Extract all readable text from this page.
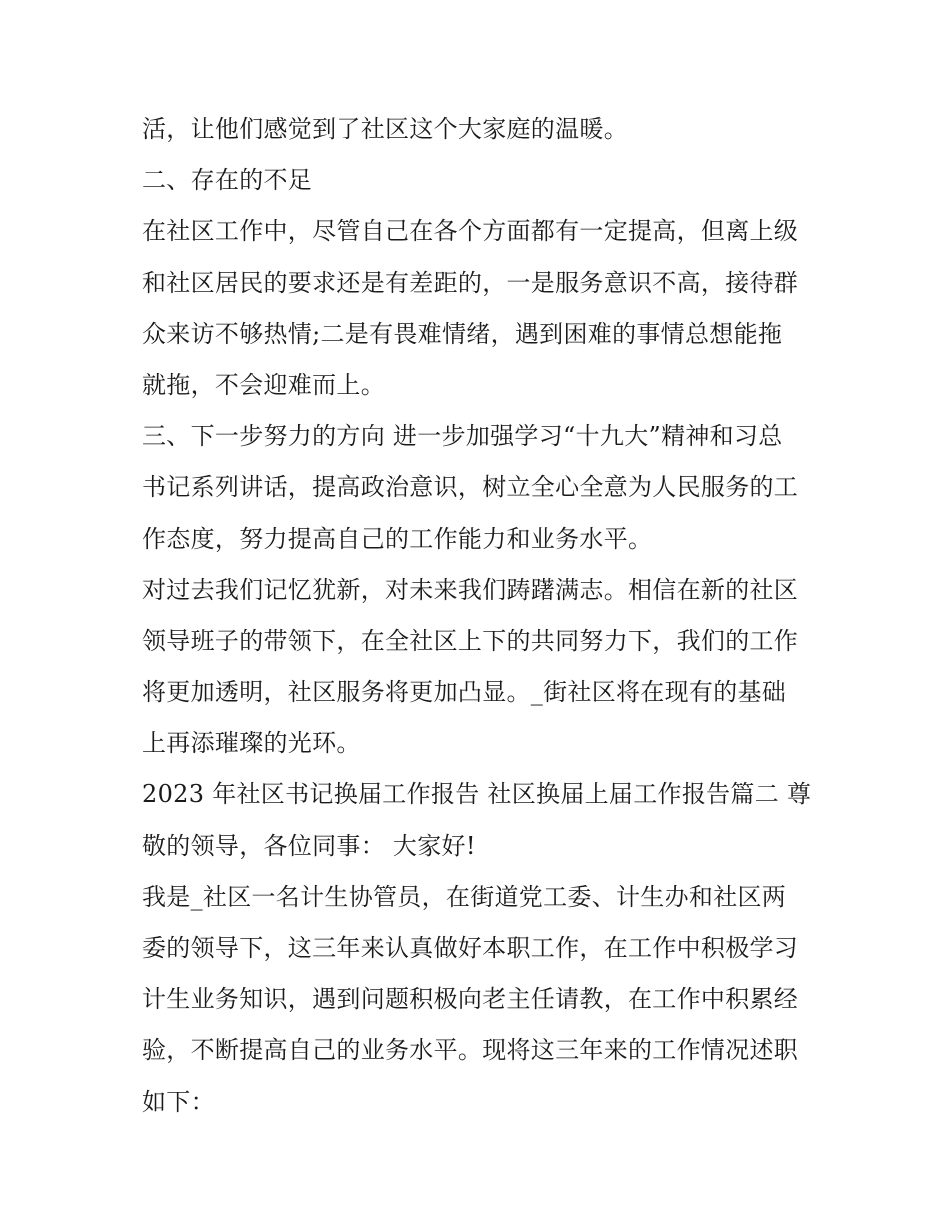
活，让他们感觉到了社区这个大家庭的温暖。
二、存在的不足
在社区工作中，尽管自己在各个方面都有一定提高，但离上级
和社区居民的要求还是有差距的，一是服务意识不高，接待群
众来访不够热情;二是有畏难情绪，遇到困难的事情总想能拖
就拖，不会迎难而上。
三、下一步努力的方向 进一步加强学习“十九大”精神和习总
书记系列讲话，提高政治意识，树立全心全意为人民服务的工
作态度，努力提高自己的工作能力和业务水平。
对过去我们记忆犹新，对未来我们踌躇满志。相信在新的社区
领导班子的带领下，在全社区上下的共同努力下，我们的工作
将更加透明，社区服务将更加凸显。_街社区将在现有的基础
上再添璀璨的光环。
2023 年社区书记换届工作报告 社区换届上届工作报告篇二 尊
敬的领导，各位同事： 大家好!
我是_社区一名计生协管员，在街道党工委、计生办和社区两
委的领导下，这三年来认真做好本职工作，在工作中积极学习
计生业务知识，遇到问题积极向老主任请教，在工作中积累经
验，不断提高自己的业务水平。现将这三年来的工作情况述职
如下：
